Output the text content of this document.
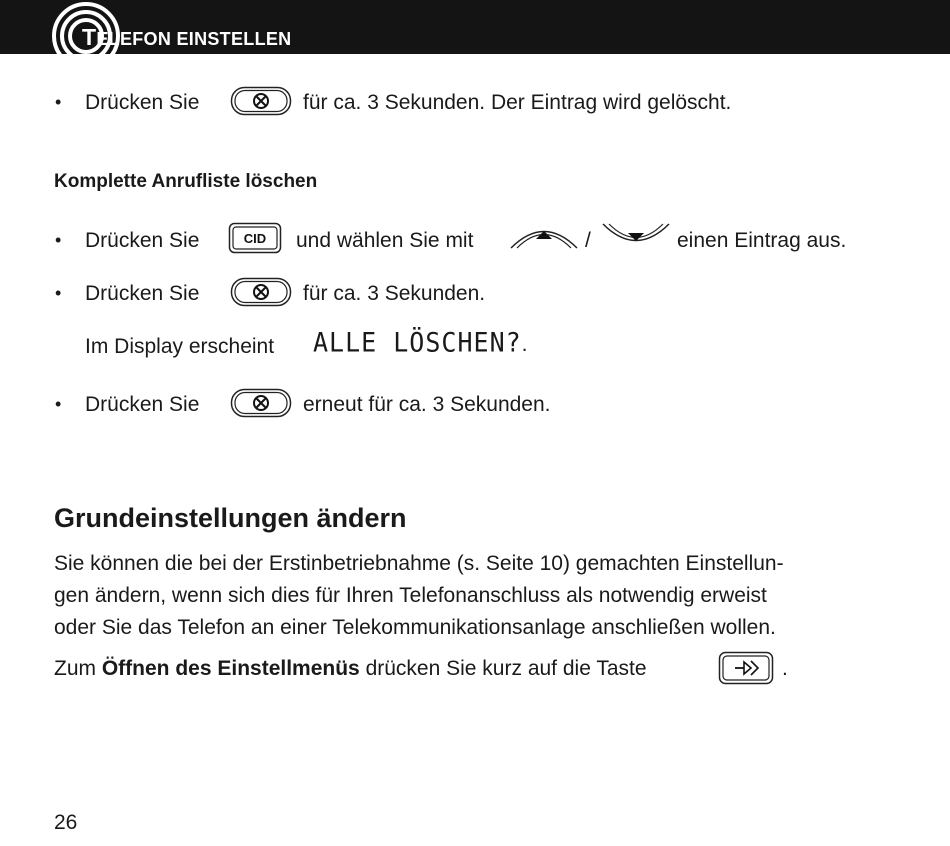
TELEFON EINSTELLEN
• Drücken Sie	für ca. 3 Sekunden. Der Eintrag wird gelöscht.
Komplette Anrufliste löschen
• Drücken Sie	CID und wählen Sie mit	/	einen Eintrag aus.
• Drücken Sie	für ca. 3 Sekunden.
Im Display erscheint ALLE LÖSCHEN?.
• Drücken Sie	erneut für ca. 3 Sekunden.
Grundeinstellungen ändern
Sie können die bei der Erstinbetriebnahme (s. Seite 10) gemachten Einstellun-
gen ändern, wenn sich dies für Ihren Telefonanschluss als notwendig erweist
oder Sie das Telefon an einer Telekommunikationsanlage anschließen wollen.
Zum Öffnen des Einstellmenüs drücken Sie kurz auf die Taste	.
26
